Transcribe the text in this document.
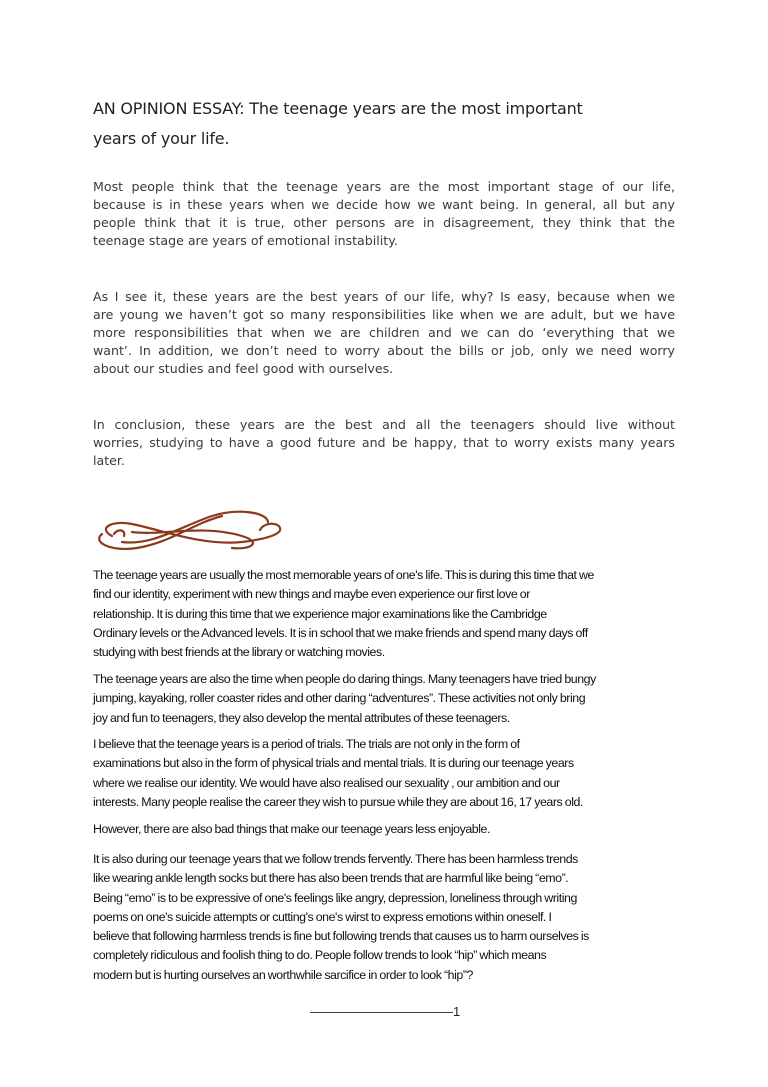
AN OPINION ESSAY: The teenage years are the most important
years of your life.
Most people think that the teenage years are the most important stage of our life,
because is in these years when we decide how we want being. In general, all but any
people think that it is true, other persons are in disagreement, they think that the
teenage stage are years of emotional instability.
As I see it, these years are the best years of our life, why? Is easy, because when we
are young we haven’t got so many responsibilities like when we are adult, but we have
more responsibilities that when we are children and we can do ‘everything that we
want’. In addition, we don’t need to worry about the bills or job, only we need worry
about our studies and feel good with ourselves.
In conclusion, these years are the best and all the teenagers should live without
worries, studying to have a good future and be happy, that to worry exists many years
later.
The teenage years are usually the most memorable years of one's life. This is during this time that we
find our identity, experiment with new things and maybe even experience our first love or
relationship. It is during this time that we experience major examinations like the Cambridge
Ordinary levels or the Advanced levels. It is in school that we make friends and spend many days off
studying with best friends at the library or watching movies.
The teenage years are also the time when people do daring things. Many teenagers have tried bungy
jumping, kayaking, roller coaster rides and other daring “adventures”. These activities not only bring
joy and fun to teenagers, they also develop the mental attributes of these teenagers.
I believe that the teenage years is a period of trials. The trials are not only in the form of
examinations but also in the form of physical trials and mental trials. It is during our teenage years
where we realise our identity. We would have also realised our sexuality , our ambition and our
interests. Many people realise the career they wish to pursue while they are about 16, 17 years old.
However, there are also bad things that make our teenage years less enjoyable.
It is also during our teenage years that we follow trends fervently. There has been harmless trends
like wearing ankle length socks but there has also been trends that are harmful like being “emo”.
Being “emo” is to be expressive of one's feelings like angry, depression, loneliness through writing
poems on one's suicide attempts or cutting's one's wirst to express emotions within oneself. I
believe that following harmless trends is fine but following trends that causes us to harm ourselves is
completely ridiculous and foolish thing to do. People follow trends to look “hip” which means
modern but is hurting ourselves an worthwhile sarcifice in order to look “hip”?
———————————1
